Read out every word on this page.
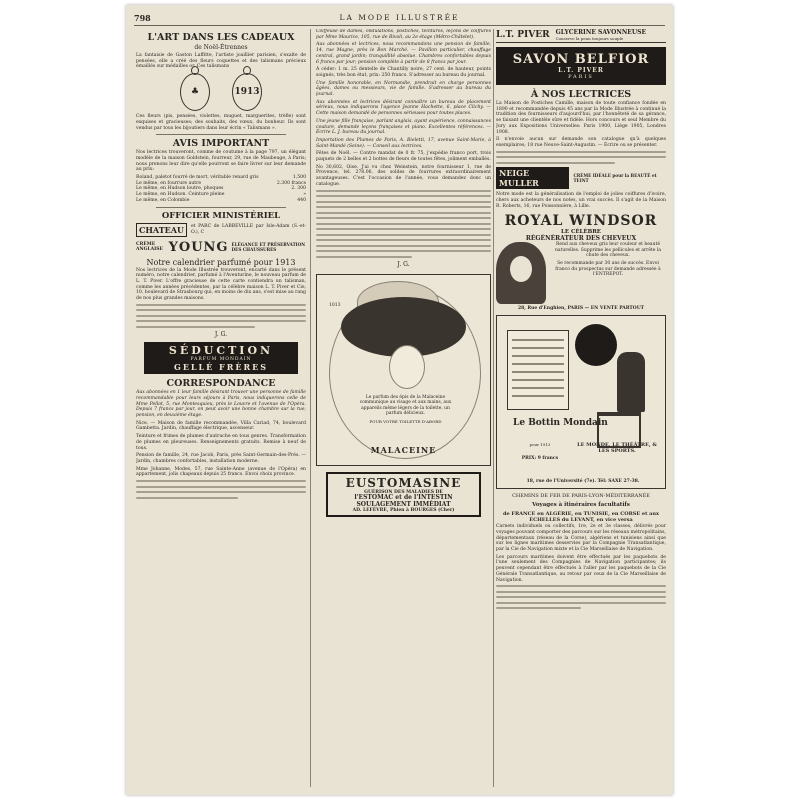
798	LA MODE ILLUSTRÉE
L'ART DANS LES CADEAUX
de Noël-Étrennes

La fantaisie de Gaston Laffitte, l'artiste joaillier parisien, s'exalte de pensées, elle a créé des fleurs coquettes et des talismans précieux émaillés sur médailles or. Ces talismans

♣	1913

Ces fleurs (pis, pensées, violettes, muguet, marguerites, trèfle) sont exquises et gracieuses; des souhaits, des vœux, du bonheur. Ils sont vendus par tous les bijoutiers dans leur écrin « Talismans ».

AVIS IMPORTANT

Nos lectrices trouveront, comme de coutume à la page 797, un élégant modèle de la maison Goldstein, fourreur, 29, rue de Maubeuge, à Paris; nous prenons leur dire qu'elle pourront se faire livrer sur leur demande au prix:

Roland, paletot fourré de mort, véritable renard gris	1,500
Le même, en fourrure autre	2.300 francs
Le même, en Hudson loutre, phoques	2. 300
Le même, en Hudson. Ceinture pleine	»
Le même, en Colombie	440
OFFICIER MINISTÉRIEL
CHATEAU	et PARC de LABBEVILLE par Isle-Adam (S.-et-O.), C
CRÈME ANGLAISE YOUNG ÉLÉGANCE ET PRÉSERVATION DES CHAUSSURES
Notre calendrier parfumé pour 1913

Nos lectrices de la Mode Illustrée trouveront, encarté dans le présent numéro, notre calendrier, parfumé à l'Aventurine, le nouveau parfum de L. T. Piver. L'offre gracieuse de cette carte contiendra un talisman, comme les années précédentes, par la célèbre maison L. T. Piver et Cie, 10, boulevard de Strasbourg qui, en moins de dix ans, s'est mise au rang de nos plus grandes maisons.

J. G.
SÉDUCTION
PARFUM MONDAIN
GELLÉ FRÈRES
CORRESPONDANCE

Aux abonnées en 1 leur famille désirant trouver une personne de famille recommandable pour leurs séjours à Paris, nous indiquerons celle de Mme Pellot, 5, rue Montesquieu, près le Louvre et l'avenue de l'Opéra. Depuis 7 francs par jour, on peut avoir une bonne chambre sur la rue, pension, en deuxième étage.

Nice. — Maison de famille recommandée, Villa Cariad, 74, boulevard Gambetta. Jardin, chauffage électrique, ascenseur.

Teinture et frimes de plumes d'autruche en tous genres. Transformation de plumes en pleureuses. Renseignements gratuits. Remise à neuf de tous.

Pension de famille, 24, rue Jacob, Paris, près Saint-Germain-des-Prés. — Jardin, chambres confortables, installation moderne.

Mme Johanne, Modes, 57, rue Sainte-Anne (avenue de l'Opéra) en appartement, jolis chapeaux depuis 25 francs. Envoi choix province.

Coiffeuse de dames, ondulations, postiches, teintures, leçons de coiffures par Mme Maurice, 105, rue de Rivoli, au 2e étage (Métro-Châtelet).

Aux abonnées et lectrices, nous recommandons une pension de famille, 14, rue Magne, près le Bon Marché. — Pavillon particulier, chauffage central, grand jardin; tranquillité absolue. Chambres confortables depuis 6 francs par jour; pension complète à partir de 8 francs par jour.

À céder: 1 m. 25 dentelle de Chantilly noire, 27 cent. de hauteur, points soignés, très bon état, prix: 250 francs. S'adresser au bureau du journal.

Une famille honorable, en Normandie, prendrait en charge personnes âgées, dames ou messieurs, vie de famille. S'adresser au bureau du journal.

Aux abonnées et lectrices désirant connaître un bureau de placement sérieux, nous indiquerons l'agence Jeanne Hachette, 6, place Clichy. — Cette maison demandé de personnes sérieuses pour toutes places.

Une jeune fille française, parlant anglais, ayant expérience, connaissances couture, demande leçons françaises et piano. Excellentes références. — Écrire L. J. bureau du journal.

Importation des Plumes de Paris, A. Bieletti, 17, avenue Saint-Marie, à Saint-Mandé (Seine). — Conseil aux lectrices.

Fêtes de Noël. — Contre mandat de 0 fr. 75, j'expédie franco port, trois paquets de 2 belles et 2 bottes de fleurs de toutes fêtes, joliment emballés.

No 30,602, Oise. J'ai vu chez Weinstein, notre fournisseur 1, rue de Provence, tel. 278.06, des soldes de fourrures extraordinairement avantageuses. C'est l'occasion de l'année, vous demandez donc un catalogue.

J. G.
1013
Le parfum des épis de la Malaceine communique au visage et aux mains, aux appareils même légers de la toilette, un parfum délicieux.
POUR VOTRE TOILETTE D'ABORD
MALACEINE
EUSTOMASINE
GUÉRISON DES MALADIES DE
l'ESTOMAC et de l'INTESTIN
SOULAGEMENT IMMÉDIAT
AD. LEFÈVRE, Phien à BOURGES (Cher)
L.T. PIVER GLYCÉRINE SAVONNEUSE
Conserve la peau toujours souple
SAVON BELFIOR
L.T. PIVER
PARIS
À NOS LECTRICES

La Maison de Postiches Camille, maison de toute confiance fondée en 1890 et recommandée depuis 45 ans par la Mode Illustrée à continué la tradition des fournisseurs d'aujourd'hui, par l'honnêteté de sa gérance, se faisant une clientèle sûre et fidèle. Hors concours et seul Membre du Jury aux Expositions Universelles: Paris 1900, Liège 1905, Londres 1908.

Il n'envoie aucun sur demande son catalogue qu'à quelques exemplaires; 18 rue Neuve-Saint-Augustin. — Écrire ou se présenter.

NEIGE MULLER
CRÈME IDÉALE pour la BEAUTÉ et TEINT

Notre mode est la généralisation de l'emploi de jolies coiffures d'ivoire, chers aux acheteurs de nos notes, un vrai succès. Il s'agit de la Maison R. Roberts, 16, rue Poissonnière, à Lille.

ROYAL WINDSOR
LE CÉLÈBRE
RÉGÉNÉRATEUR DES CHEVEUX
Rend aux cheveux gris leur couleur et beauté naturelles. Supprime les pellicules et arrête la chute des cheveux.
Se recommande par 30 ans de succès. Envoi franco du prospectus sur demande adressée à l'ENTREPOT.
28, Rue d'Enghien, PARIS — EN VENTE PARTOUT
Le Bottin Mondain
pour 1913
PRIX: 9 francs
LE MONDE, LE THÉÂTRE, & LES SPORTS.
18, rue de l'Université (7e). Tél: SAXE 27-38.
CHEMINS DE FER DE PARIS-LYON-MÉDITERRANÉE
Voyages à itinéraires facultatifs
de FRANCE en ALGÉRIE, en TUNISIE, en CORSE et aux ÉCHELLES du LEVANT, en vice versa

Carnets individuels ou collectifs, 1re, 2e et 3e classes, délivrés pour voyages pouvant comporter des parcours sur les réseaux métropolitains, départementaux (réseau de la Corse), algériens et tunisiens ainsi que sur les lignes maritimes desservies par la Compagnie Transatlantique, par la Cie de Navigation mixte et la Cie Marseillaise de Navigation.

Les parcours maritimes doivent être effectués par les paquebots de l'une seulement des Compagnies de Navigation participantes; ils peuvent cependant être effectués à l'aller par les paquebots de la Cie Générale Transatlantique, au retour par ceux de la Cie Marseillaise de Navigation.
